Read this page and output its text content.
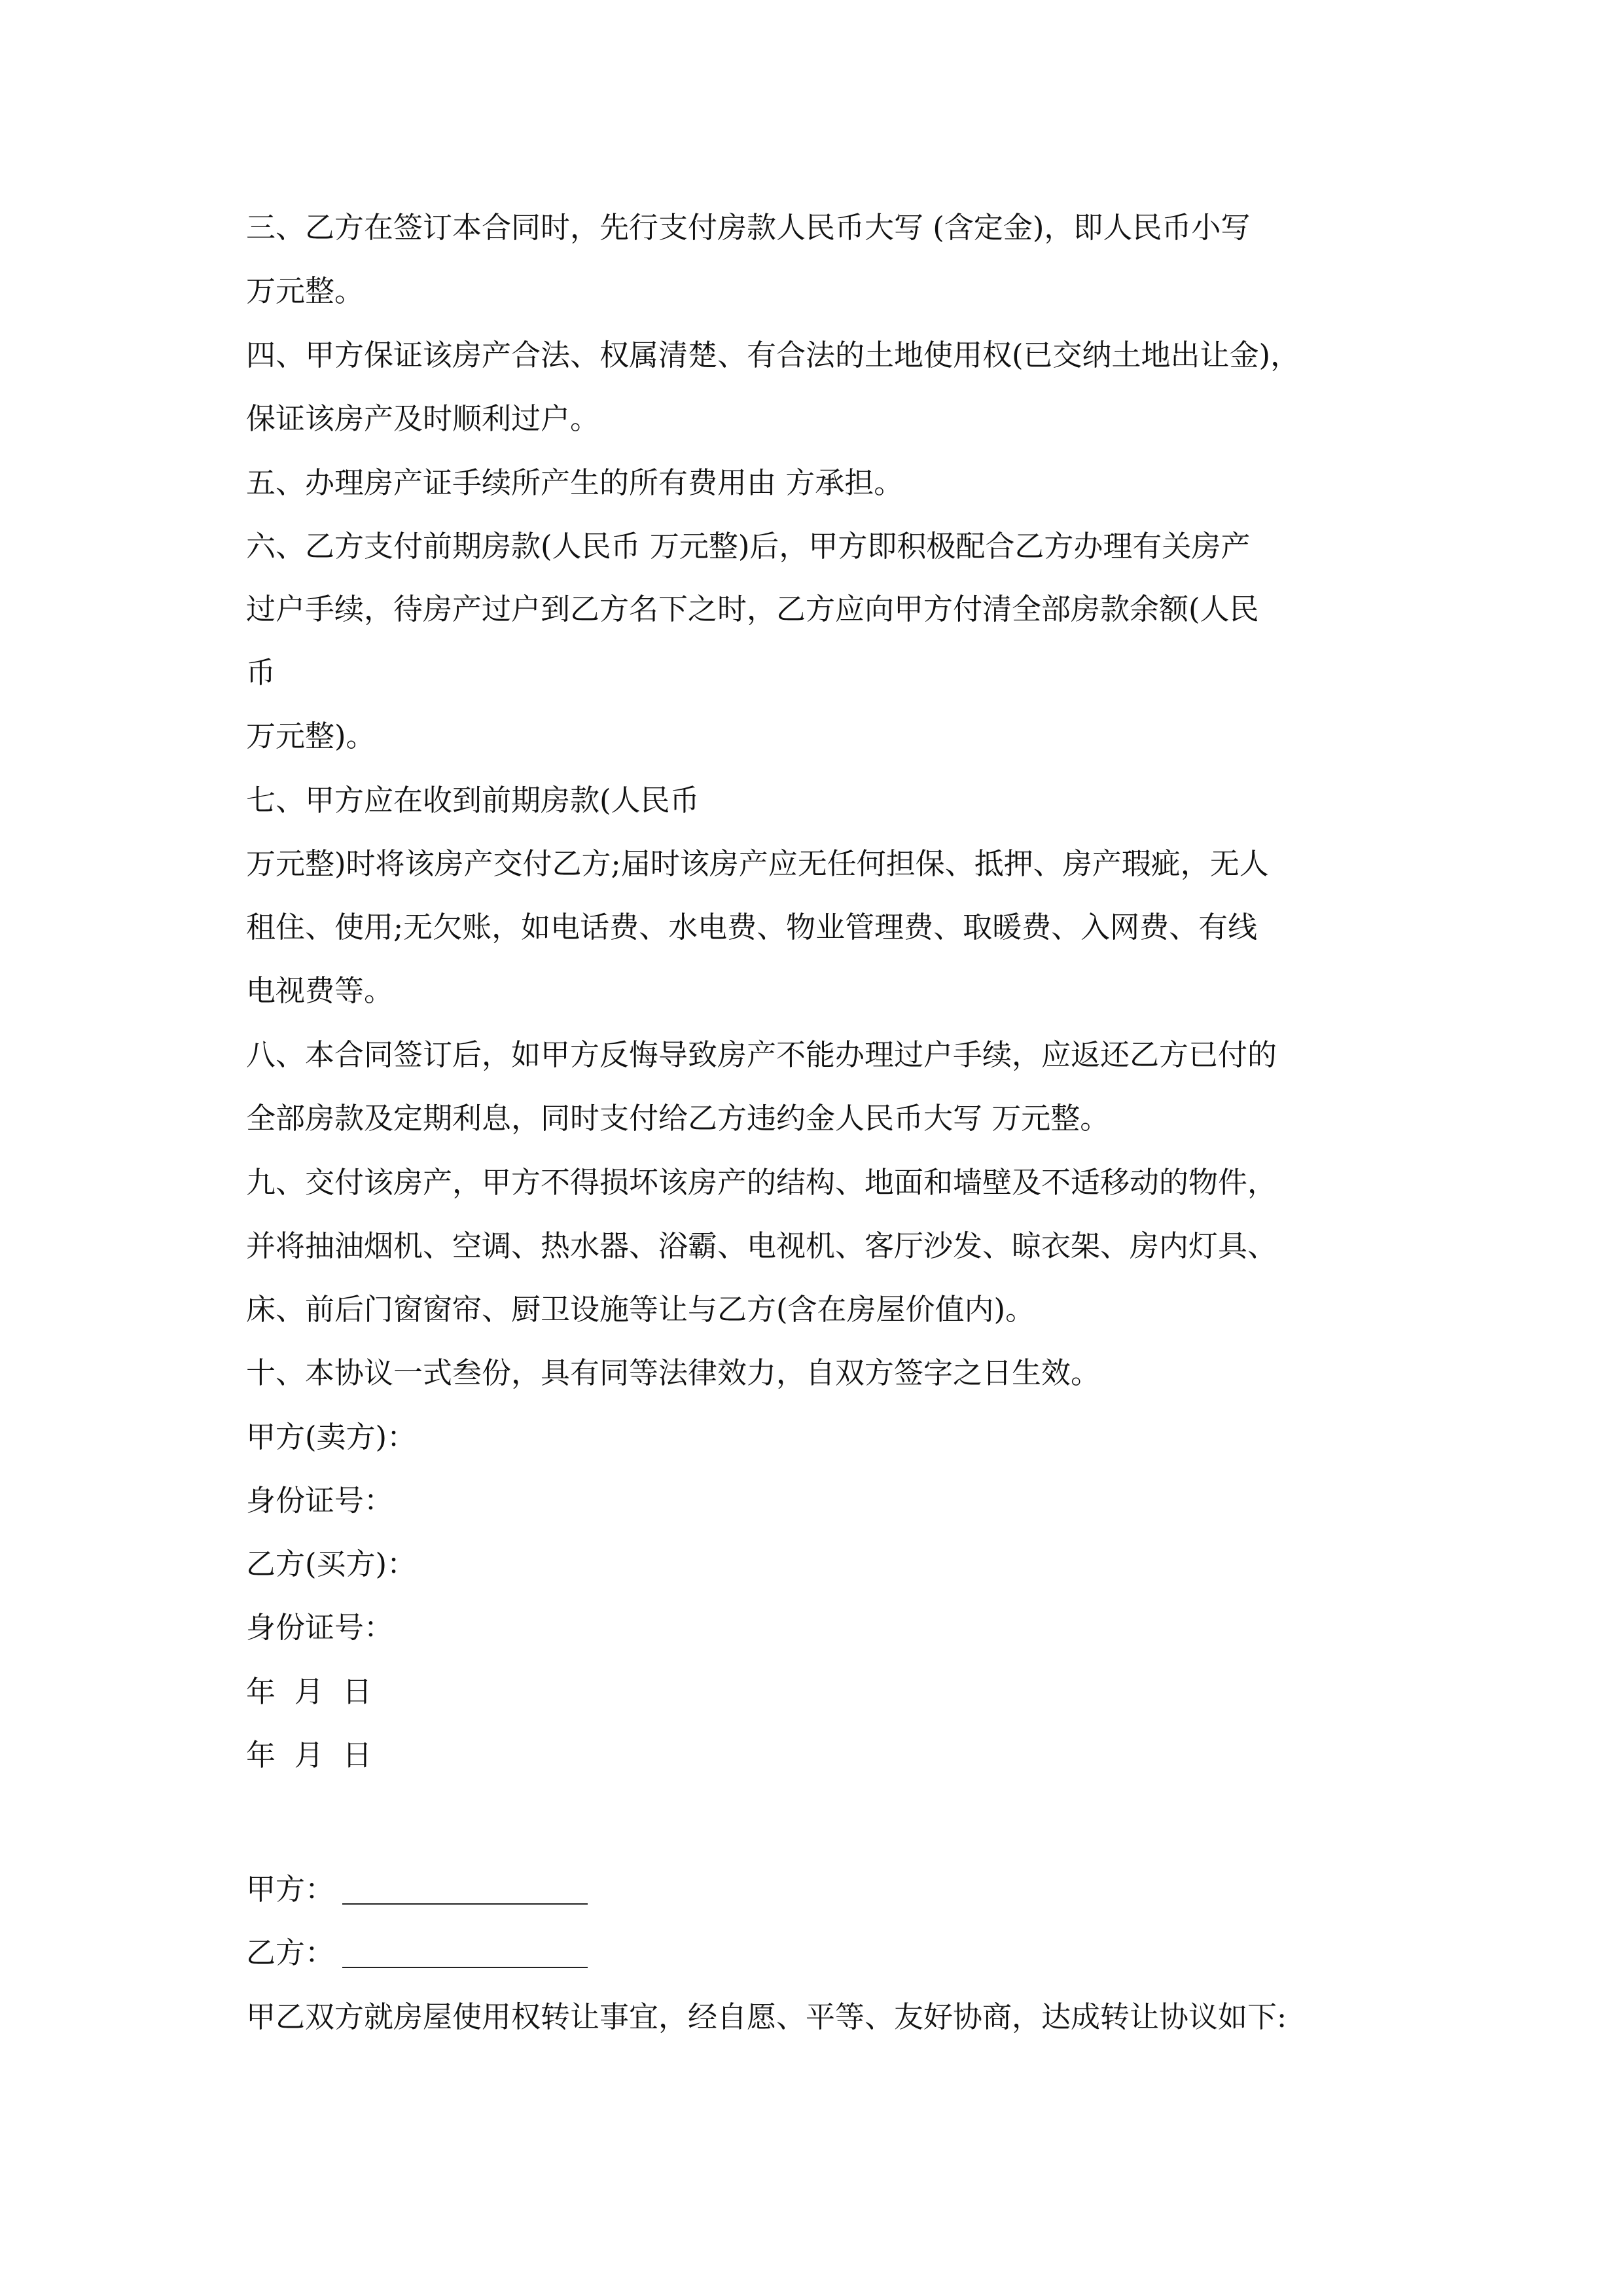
三、乙方在签订本合同时，先行支付房款人民币大写 (含定金)，即人民币小写
万元整。
四、甲方保证该房产合法、权属清楚、有合法的土地使用权(已交纳土地出让金)，
保证该房产及时顺利过户。
五、办理房产证手续所产生的所有费用由 方承担。
六、乙方支付前期房款(人民币 万元整)后，甲方即积极配合乙方办理有关房产
过户手续，待房产过户到乙方名下之时，乙方应向甲方付清全部房款余额(人民
币
万元整)。
七、甲方应在收到前期房款(人民币
万元整)时将该房产交付乙方;届时该房产应无任何担保、抵押、房产瑕疵，无人
租住、使用;无欠账，如电话费、水电费、物业管理费、取暖费、入网费、有线
电视费等。
八、本合同签订后，如甲方反悔导致房产不能办理过户手续，应返还乙方已付的
全部房款及定期利息，同时支付给乙方违约金人民币大写 万元整。
九、交付该房产，甲方不得损坏该房产的结构、地面和墙壁及不适移动的物件，
并将抽油烟机、空调、热水器、浴霸、电视机、客厅沙发、晾衣架、房内灯具、
床、前后门窗窗帘、厨卫设施等让与乙方(含在房屋价值内)。
十、本协议一式叁份，具有同等法律效力，自双方签字之日生效。
甲方(卖方)：
身份证号：
乙方(买方)：
身份证号：
年  月  日
年  月  日
甲方：
乙方：
甲乙双方就房屋使用权转让事宜，经自愿、平等、友好协商，达成转让协议如下:
